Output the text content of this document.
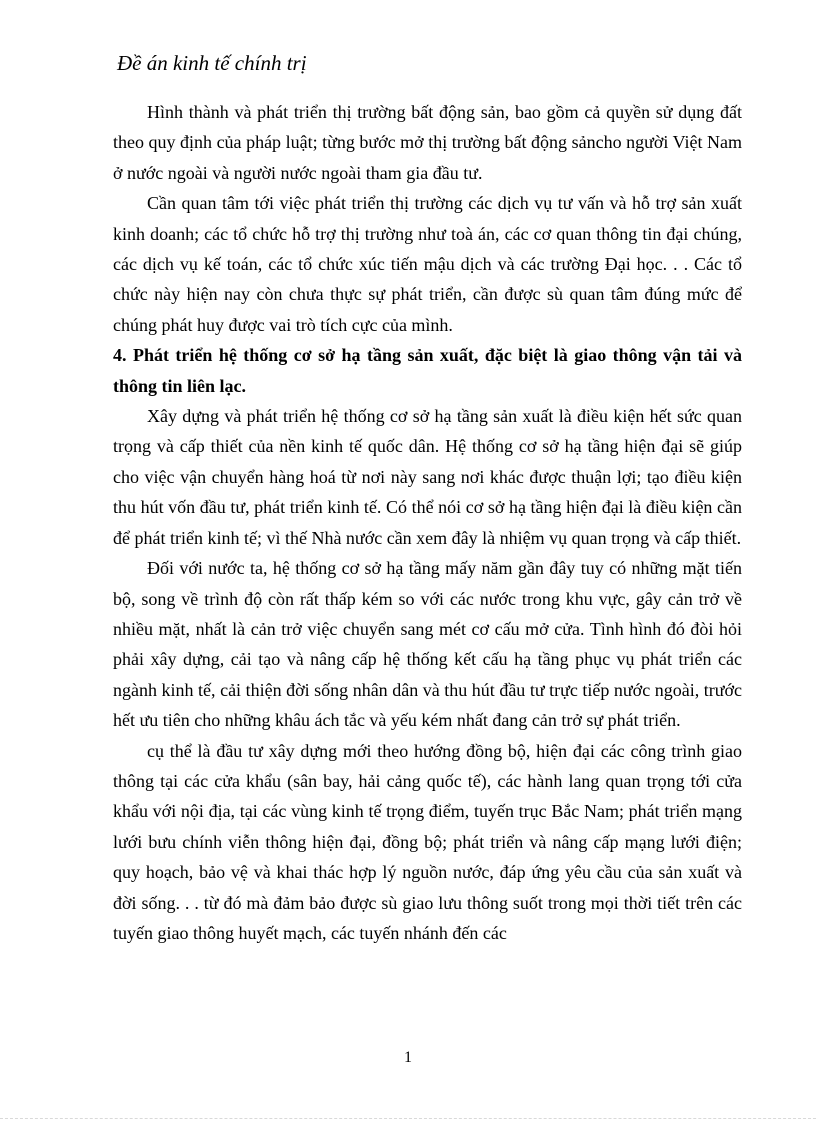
Đề án kinh tế chính trị

Hình thành và phát triển thị trường bất động sản, bao gồm cả quyền sử dụng đất theo quy định của pháp luật; từng bước mở thị trường bất động sảncho người Việt Nam ở nước ngoài và người nước ngoài tham gia đầu tư.

Cần quan tâm tới việc phát triển thị trường các dịch vụ tư vấn và hỗ trợ sản xuất kinh doanh; các tổ chức hỗ trợ thị trường như toà án, các cơ quan thông tin đại chúng, các dịch vụ kế toán, các tổ chức xúc tiến mậu dịch và các trường Đại học. . . Các tổ chức này hiện nay còn chưa thực sự phát triển, cần được sù quan tâm đúng mức để chúng phát huy được vai trò tích cực của mình.

4. Phát triển hệ thống cơ sở hạ tầng sản xuất, đặc biệt là giao thông vận tải và thông tin liên lạc.

Xây dựng và phát triển hệ thống cơ sở hạ tầng sản xuất là điều kiện hết sức quan trọng và cấp thiết của nền kinh tế quốc dân. Hệ thống cơ sở hạ tầng hiện đại sẽ giúp cho việc vận chuyển hàng hoá từ nơi này sang nơi khác được thuận lợi; tạo điều kiện thu hút vốn đầu tư, phát triển kinh tế. Có thể nói cơ sở hạ tầng hiện đại là điều kiện cần để phát triển kinh tế; vì thế Nhà nước cần xem đây là nhiệm vụ quan trọng và cấp thiết.

Đối với nước ta, hệ thống cơ sở hạ tầng mấy năm gần đây tuy có những mặt tiến bộ, song về trình độ còn rất thấp kém so với các nước trong khu vực, gây cản trở về nhiều mặt, nhất là cản trở việc chuyển sang mét cơ cấu mở cửa. Tình hình đó đòi hỏi phải xây dựng, cải tạo và nâng cấp hệ thống kết cấu hạ tầng phục vụ phát triển các ngành kinh tế, cải thiện đời sống nhân dân và thu hút đầu tư trực tiếp nước ngoài, trước hết ưu tiên cho những khâu ách tắc và yếu kém nhất đang cản trở sự phát triển.

cụ thể là đầu tư xây dựng mới theo hướng đồng bộ, hiện đại các công trình giao thông tại các cửa khẩu (sân bay, hải cảng quốc tế), các hành lang quan trọng tới cửa khẩu với nội địa, tại các vùng kinh tế trọng điểm, tuyến trục Bắc Nam; phát triển mạng lưới bưu chính viễn thông hiện đại, đồng bộ; phát triển và nâng cấp mạng lưới điện; quy hoạch, bảo vệ và khai thác hợp lý nguồn nước, đáp ứng yêu cầu của sản xuất và đời sống. . . từ đó mà đảm bảo được sù giao lưu thông suốt trong mọi thời tiết trên các tuyến giao thông huyết mạch, các tuyến nhánh đến các

1
